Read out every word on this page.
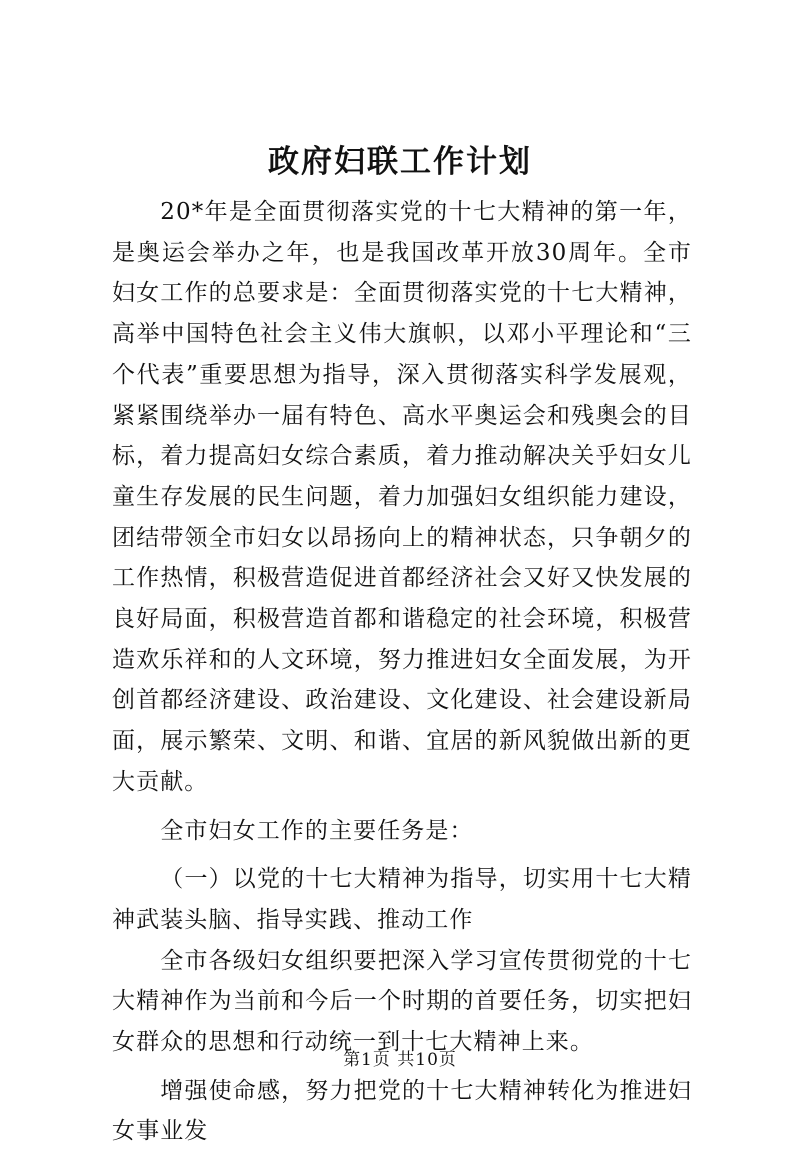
政府妇联工作计划

20*年是全面贯彻落实党的十七大精神的第一年，是奥运会举办之年，也是我国改革开放30周年。全市妇女工作的总要求是：全面贯彻落实党的十七大精神，高举中国特色社会主义伟大旗帜，以邓小平理论和“三个代表”重要思想为指导，深入贯彻落实科学发展观，紧紧围绕举办一届有特色、高水平奥运会和残奥会的目标，着力提高妇女综合素质，着力推动解决关乎妇女儿童生存发展的民生问题，着力加强妇女组织能力建设，团结带领全市妇女以昂扬向上的精神状态，只争朝夕的工作热情，积极营造促进首都经济社会又好又快发展的良好局面，积极营造首都和谐稳定的社会环境，积极营造欢乐祥和的人文环境，努力推进妇女全面发展，为开创首都经济建设、政治建设、文化建设、社会建设新局面，展示繁荣、文明、和谐、宜居的新风貌做出新的更大贡献。

全市妇女工作的主要任务是：

（一）以党的十七大精神为指导，切实用十七大精神武装头脑、指导实践、推动工作

全市各级妇女组织要把深入学习宣传贯彻党的十七大精神作为当前和今后一个时期的首要任务，切实把妇女群众的思想和行动统一到十七大精神上来。

增强使命感，努力把党的十七大精神转化为推进妇女事业发

第1页 共10页
